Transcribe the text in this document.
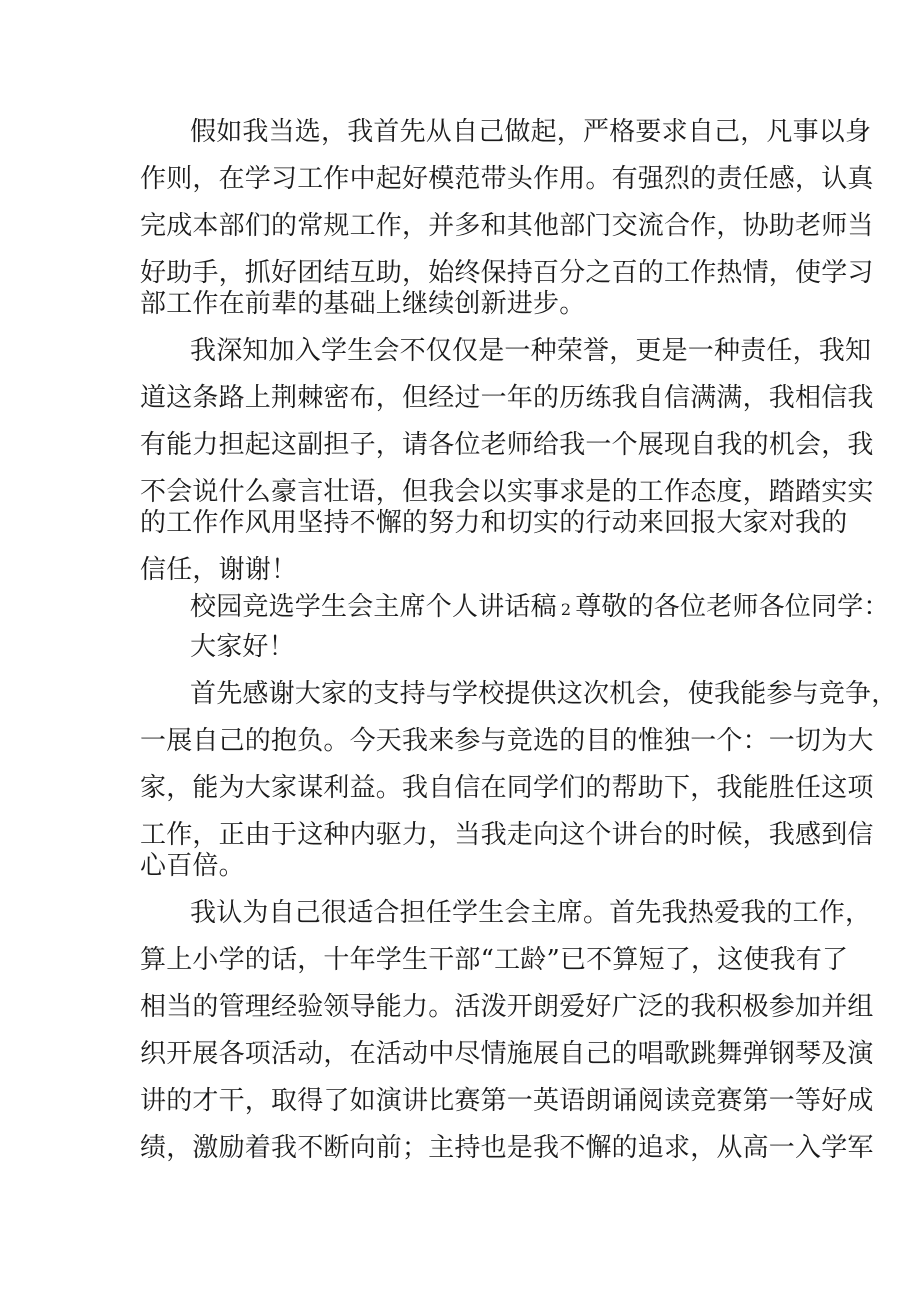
假如我当选，我首先从自己做起，严格要求自己，凡事以身
作则，在学习工作中起好模范带头作用。有强烈的责任感，认真
完成本部们的常规工作，并多和其他部门交流合作，协助老师当
好助手，抓好团结互助，始终保持百分之百的工作热情，使学习
部工作在前辈的基础上继续创新进步。
我深知加入学生会不仅仅是一种荣誉，更是一种责任，我知
道这条路上荆棘密布，但经过一年的历练我自信满满，我相信我
有能力担起这副担子，请各位老师给我一个展现自我的机会，我
不会说什么豪言壮语，但我会以实事求是的工作态度，踏踏实实
的工作作风用坚持不懈的努力和切实的行动来回报大家对我的
信任，谢谢！
校园竞选学生会主席个人讲话稿 2 尊敬的各位老师各位同学：
大家好！
首先感谢大家的支持与学校提供这次机会，使我能参与竞争，
一展自己的抱负。今天我来参与竞选的目的惟独一个：一切为大
家，能为大家谋利益。我自信在同学们的帮助下，我能胜任这项
工作，正由于这种内驱力，当我走向这个讲台的时候，我感到信
心百倍。
我认为自己很适合担任学生会主席。首先我热爱我的工作，
算上小学的话，十年学生干部“工龄”已不算短了，这使我有了
相当的管理经验领导能力。活泼开朗爱好广泛的我积极参加并组
织开展各项活动，在活动中尽情施展自己的唱歌跳舞弹钢琴及演
讲的才干，取得了如演讲比赛第一英语朗诵阅读竞赛第一等好成
绩，激励着我不断向前；主持也是我不懈的追求，从高一入学军
